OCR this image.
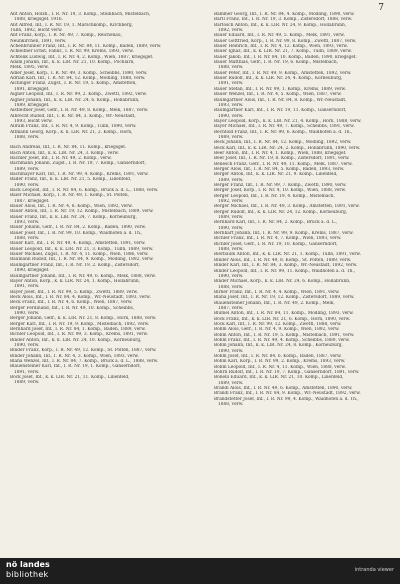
7
Abt Anton, Holzh., I. R. Nr. 19, 3. Komp., Steinbach, Mistelbach,
1888, kriegsgef. 1916.
Abt Alfred, Inf., I. R. Nr. 19, 1. Marschkomp., Kirchberg,
Tulln, 1892, leicht verw.
Abt Franz, Korp., I. R. Nr. 49, 7. Komp., Reichenau,
Neunkirchen, 1891, verw.
Achenbrunner Franz, Inf., I. R. Nr. 84, 11. Komp., Baden, 1889, verw.
Achleitner Ernst, Fähnr., I. R. Nr. 99, Krems, 1893, verw.
Achtelik Ludwig, Inf., I. R. Nr. 4, 2. Komp., Wien, 1887, kriegsgef.
Adam Johann, Inf., k. k. LIR. Nr. 21, 10. Komp., Pöchlarn,
Melk, 1895, verw.
Adler Josef, Korp., I. R. Nr. 49, 3. Komp., Scheibbs, 1890, verw.
Adrian Karl, Inf., I. R. Nr. 84, 12. Komp., Mödling, 1888, verw.
Aichinger Franz, Zugsf., I. R. Nr. 19, 5. Komp., Amstetten,
1891, kriegsgef.
Aigner Leopold, Inf., I. R. Nr. 99, 2. Komp., Zwettl, 1892, verw.
Aigner Johann, Inf., k. k. LIR. Nr. 24, 6. Komp., Hollabrunn,
1889, kriegsgef.
Aistleitner Josef, Gefr., I. R. Nr. 49, 8. Komp., Melk, 1887, verw.
Albrecht Rudolf, Inf., I. R. Nr. 84, 3. Komp., Wr.-Neustadt,
1893, leicht verw.
Allram Franz, Inf., I. R. Nr. 4, 9. Komp., Tulln, 1890, verw.
Altmann Georg, Korp., k. k. LIR. Nr. 21, 2. Komp., Horn,
1888, verw.
Bach Andreas, Inf., I. R. Nr. 84, 11. Komp., kriegsgef.
Bach Anton, Inf., k. k. LIR. Nr. 24, 3. Komp., verw.
Bachler Josef, Inf., I. R. Nr. 49, 2. Komp., verw.
Bachmann Johann, Zugsf., I. R. Nr. 19, 7. Komp., Gänserndorf,
1889, verw.
Bachmayer Karl, Inf., I. R. Nr. 99, 4. Komp., Krems, 1891, verw.
Bader Franz, Inf., k. k. LIR. Nr. 21, 5. Komp., Lilienfeld,
1890, verw.
Bäck Leopold, Inf., I. R. Nr. 84, 6. Komp., Bruck a. d. L., 1888, verw.
Baier Michael, Korp., I. R. Nr. 49, 1. Komp., St. Pölten,
1887, kriegsgef.
Bauer Alois, Inf., I. R. Nr. 4, 8. Komp., Wien, 1892, verw.
Bauer Anton, Inf., I. R. Nr. 19, 12. Komp., Mistelbach, 1889, verw.
Bauer Franz, Inf., k. k. LIR. Nr. 24, 7. Komp., Korneuburg,
1893, verw.
Bauer Johann, Gefr., I. R. Nr. 84, 2. Komp., Baden, 1890, verw.
Bauer Josef, Inf., I. R. Nr. 99, 10. Komp., Waidhofen a. d. Th.,
1888, verw.
Bauer Karl, Inf., I. R. Nr. 49, 4. Komp., Amstetten, 1891, verw.
Bauer Leopold, Inf., k. k. LIR. Nr. 21, 3. Komp., Tulln, 1889, verw.
Bauer Michael, Zugsf., I. R. Nr. 4, 11. Komp., Wien, 1886, verw.
Baumann Rudolf, Inf., I. R. Nr. 84, 9. Komp., Mödling, 1892, verw.
Baumgartner Franz, Inf., I. R. Nr. 19, 2. Komp., Zistersdorf,
1890, kriegsgef.
Baumgartner Johann, Inf., I. R. Nr. 49, 6. Komp., Melk, 1888, verw.
Bayer Anton, Korp., k. k. LIR. Nr. 24, 1. Komp., Hollabrunn,
1891, verw.
Bayer Josef, Inf., I. R. Nr. 99, 5. Komp., Zwettl, 1889, verw.
Beck Alois, Inf., I. R. Nr. 84, 4. Komp., Wr.-Neustadt, 1893, verw.
Beck Franz, Inf., I. R. Nr. 4, 6. Komp., Wien, 1887, verw.
Berger Ferdinand, Inf., I. R. Nr. 49, 10. Komp., Scheibbs,
1890, verw.
Berger Johann, Gefr., k. k. LIR. Nr. 21, 8. Komp., Horn, 1888, verw.
Berger Karl, Inf., I. R. Nr. 19, 9. Komp., Mistelbach, 1892, verw.
Bernhard Josef, Inf., I. R. Nr. 84, 1. Komp., Baden, 1889, verw.
Bichler Leopold, Inf., I. R. Nr. 99, 3. Komp., Krems, 1891, verw.
Binder Anton, Inf., k. k. LIR. Nr. 24, 10. Komp., Korneuburg,
1890, verw.
Binder Franz, Korp., I. R. Nr. 49, 12. Komp., St. Pölten, 1887, verw.
Binder Johann, Inf., I. R. Nr. 4, 3. Komp., Wien, 1893, verw.
Blaha Wenzel, Inf., I. R. Nr. 84, 7. Komp., Bruck a. d. L., 1888, verw.
Blauensteiner Karl, Inf., I. R. Nr. 19, 1. Komp., Gänserndorf,
1891, verw.
Böck Josef, Inf., k. k. LIR. Nr. 21, 11. Komp., Lilienfeld,
1889, verw.
Bammer Georg, Inf., I. R. Nr. 84, 4. Komp., Mödling, 1890, verw.
Bartl Franz, Inf., I. R. Nr. 19, 3. Komp., Zistersdorf, 1888, verw.
Bartosch Anton, Inf., k. k. LIR. Nr. 24, 9. Komp., Hollabrunn,
1892, verw.
Bauer Eduard, Inf., I. R. Nr. 49, 5. Komp., Melk, 1891, verw.
Bauer Gottfried, Korp., I. R. Nr. 99, 8. Komp., Zwettl, 1887, verw.
Bauer Heinrich, Inf., I. R. Nr. 4, 12. Komp., Wien, 1893, verw.
Bauer Ignaz, Inf., k. k. LIR. Nr. 21, 7. Komp., Tulln, 1889, verw.
Bauer Jakob, Inf., I. R. Nr. 84, 10. Komp., Baden, 1890, kriegsgef.
Bauer Matthias, Gefr., I. R. Nr. 19, 6. Komp., Mistelbach,
1888, verw.
Bauer Peter, Inf., I. R. Nr. 49, 9. Komp., Amstetten, 1892, verw.
Bauer Rudolf, Inf., k. k. LIR. Nr. 24, 4. Komp., Korneuburg,
1891, verw.
Bauer Stefan, Inf., I. R. Nr. 99, 1. Komp., Krems, 1889, verw.
Bauer Wenzel, Inf., I. R. Nr. 4, 5. Komp., Wien, 1887, verw.
Baumgartner Alois, Inf., I. R. Nr. 84, 8. Komp., Wr.-Neustadt,
1893, verw.
Baumgartner Karl, Inf., I. R. Nr. 19, 11. Komp., Gänserndorf,
1890, verw.
Bayer Leopold, Korp., k. k. LIR. Nr. 21, 4. Komp., Horn, 1888, verw.
Bayer Michael, Inf., I. R. Nr. 49, 7. Komp., Scheibbs, 1891, verw.
Bechtold Franz, Inf., I. R. Nr. 99, 6. Komp., Waidhofen a. d. Th.,
1889, verw.
Beck Johann, Inf., I. R. Nr. 84, 12. Komp., Mödling, 1892, verw.
Beck Karl, Inf., k. k. LIR. Nr. 24, 2. Komp., Hollabrunn, 1890, verw.
Beer Anton, Inf., I. R. Nr. 4, 1. Komp., Wien, 1888, kriegsgef.
Beer Josef, Inf., I. R. Nr. 19, 8. Komp., Zistersdorf, 1891, verw.
Benesch Franz, Gefr., I. R. Nr. 49, 11. Komp., Melk, 1887, verw.
Berger Alois, Inf., I. R. Nr. 84, 5. Komp., Baden, 1893, verw.
Berger Anton, Inf., k. k. LIR. Nr. 21, 9. Komp., Lilienfeld,
1889, verw.
Berger Franz, Inf., I. R. Nr. 99, 7. Komp., Zwettl, 1890, verw.
Berger Josef, Korp., I. R. Nr. 4, 10. Komp., Wien, 1888, verw.
Berger Leopold, Inf., I. R. Nr. 19, 4. Komp., Mistelbach,
1892, verw.
Berger Michael, Inf., I. R. Nr. 49, 3. Komp., Amstetten, 1891, verw.
Berger Rudolf, Inf., k. k. LIR. Nr. 24, 12. Komp., Korneuburg,
1889, verw.
Bernhard Karl, Inf., I. R. Nr. 84, 2. Komp., Bruck a. d. L.,
1890, verw.
Bernhart Johann, Inf., I. R. Nr. 99, 9. Komp., Krems, 1887, verw.
Bichler Franz, Inf., I. R. Nr. 4, 7. Komp., Wien, 1893, verw.
Bichler Josef, Gefr., I. R. Nr. 19, 10. Komp., Gänserndorf,
1888, verw.
Bierbaum Anton, Inf., k. k. LIR. Nr. 21, 1. Komp., Tulln, 1891, verw.
Binder Alois, Inf., I. R. Nr. 49, 8. Komp., St. Pölten, 1889, verw.
Binder Karl, Inf., I. R. Nr. 84, 3. Komp., Wr.-Neustadt, 1892, verw.
Binder Leopold, Inf., I. R. Nr. 99, 11. Komp., Waidhofen a. d. Th.,
1890, verw.
Binder Michael, Korp., k. k. LIR. Nr. 24, 6. Komp., Hollabrunn,
1888, verw.
Birner Franz, Inf., I. R. Nr. 4, 4. Komp., Wien, 1891, verw.
Blaha Josef, Inf., I. R. Nr. 19, 12. Komp., Zistersdorf, 1889, verw.
Blauensteiner Johann, Inf., I. R. Nr. 49, 2. Komp., Melk,
1887, verw.
Blümel Anton, Inf., I. R. Nr. 84, 11. Komp., Mödling, 1893, verw.
Bock Franz, Inf., k. k. LIR. Nr. 21, 6. Komp., Horn, 1890, verw.
Böck Karl, Inf., I. R. Nr. 99, 12. Komp., Zwettl, 1888, verw.
Böhm Alois, Gefr., I. R. Nr. 4, 9. Komp., Wien, 1892, verw.
Böhm Anton, Inf., I. R. Nr. 19, 5. Komp., Mistelbach, 1891, verw.
Böhm Franz, Inf., I. R. Nr. 49, 4. Komp., Scheibbs, 1889, verw.
Böhm Johann, Inf., k. k. LIR. Nr. 24, 8. Komp., Korneuburg,
1890, verw.
Böhm Josef, Inf., I. R. Nr. 84, 6. Komp., Baden, 1887, verw.
Böhm Karl, Korp., I. R. Nr. 99, 2. Komp., Krems, 1893, verw.
Böhm Leopold, Inf., I. R. Nr. 4, 11. Komp., Wien, 1888, verw.
Bohrn Rudolf, Inf., I. R. Nr. 19, 7. Komp., Gänserndorf, 1891, verw.
Bonelli Eduard, Inf., k. k. LIR. Nr. 21, 10. Komp., Lilienfeld,
1889, verw.
Brandl Alois, Inf., I. R. Nr. 49, 6. Komp., Amstetten, 1890, verw.
Brandl Franz, Inf., I. R. Nr. 84, 9. Komp., Wr.-Neustadt, 1892, verw.
Brandstetter Josef, Inf., I. R. Nr. 99, 4. Komp., Waidhofen a. d. Th.,
1888, verw.
nö landes
bibliothek	intranda viewer
